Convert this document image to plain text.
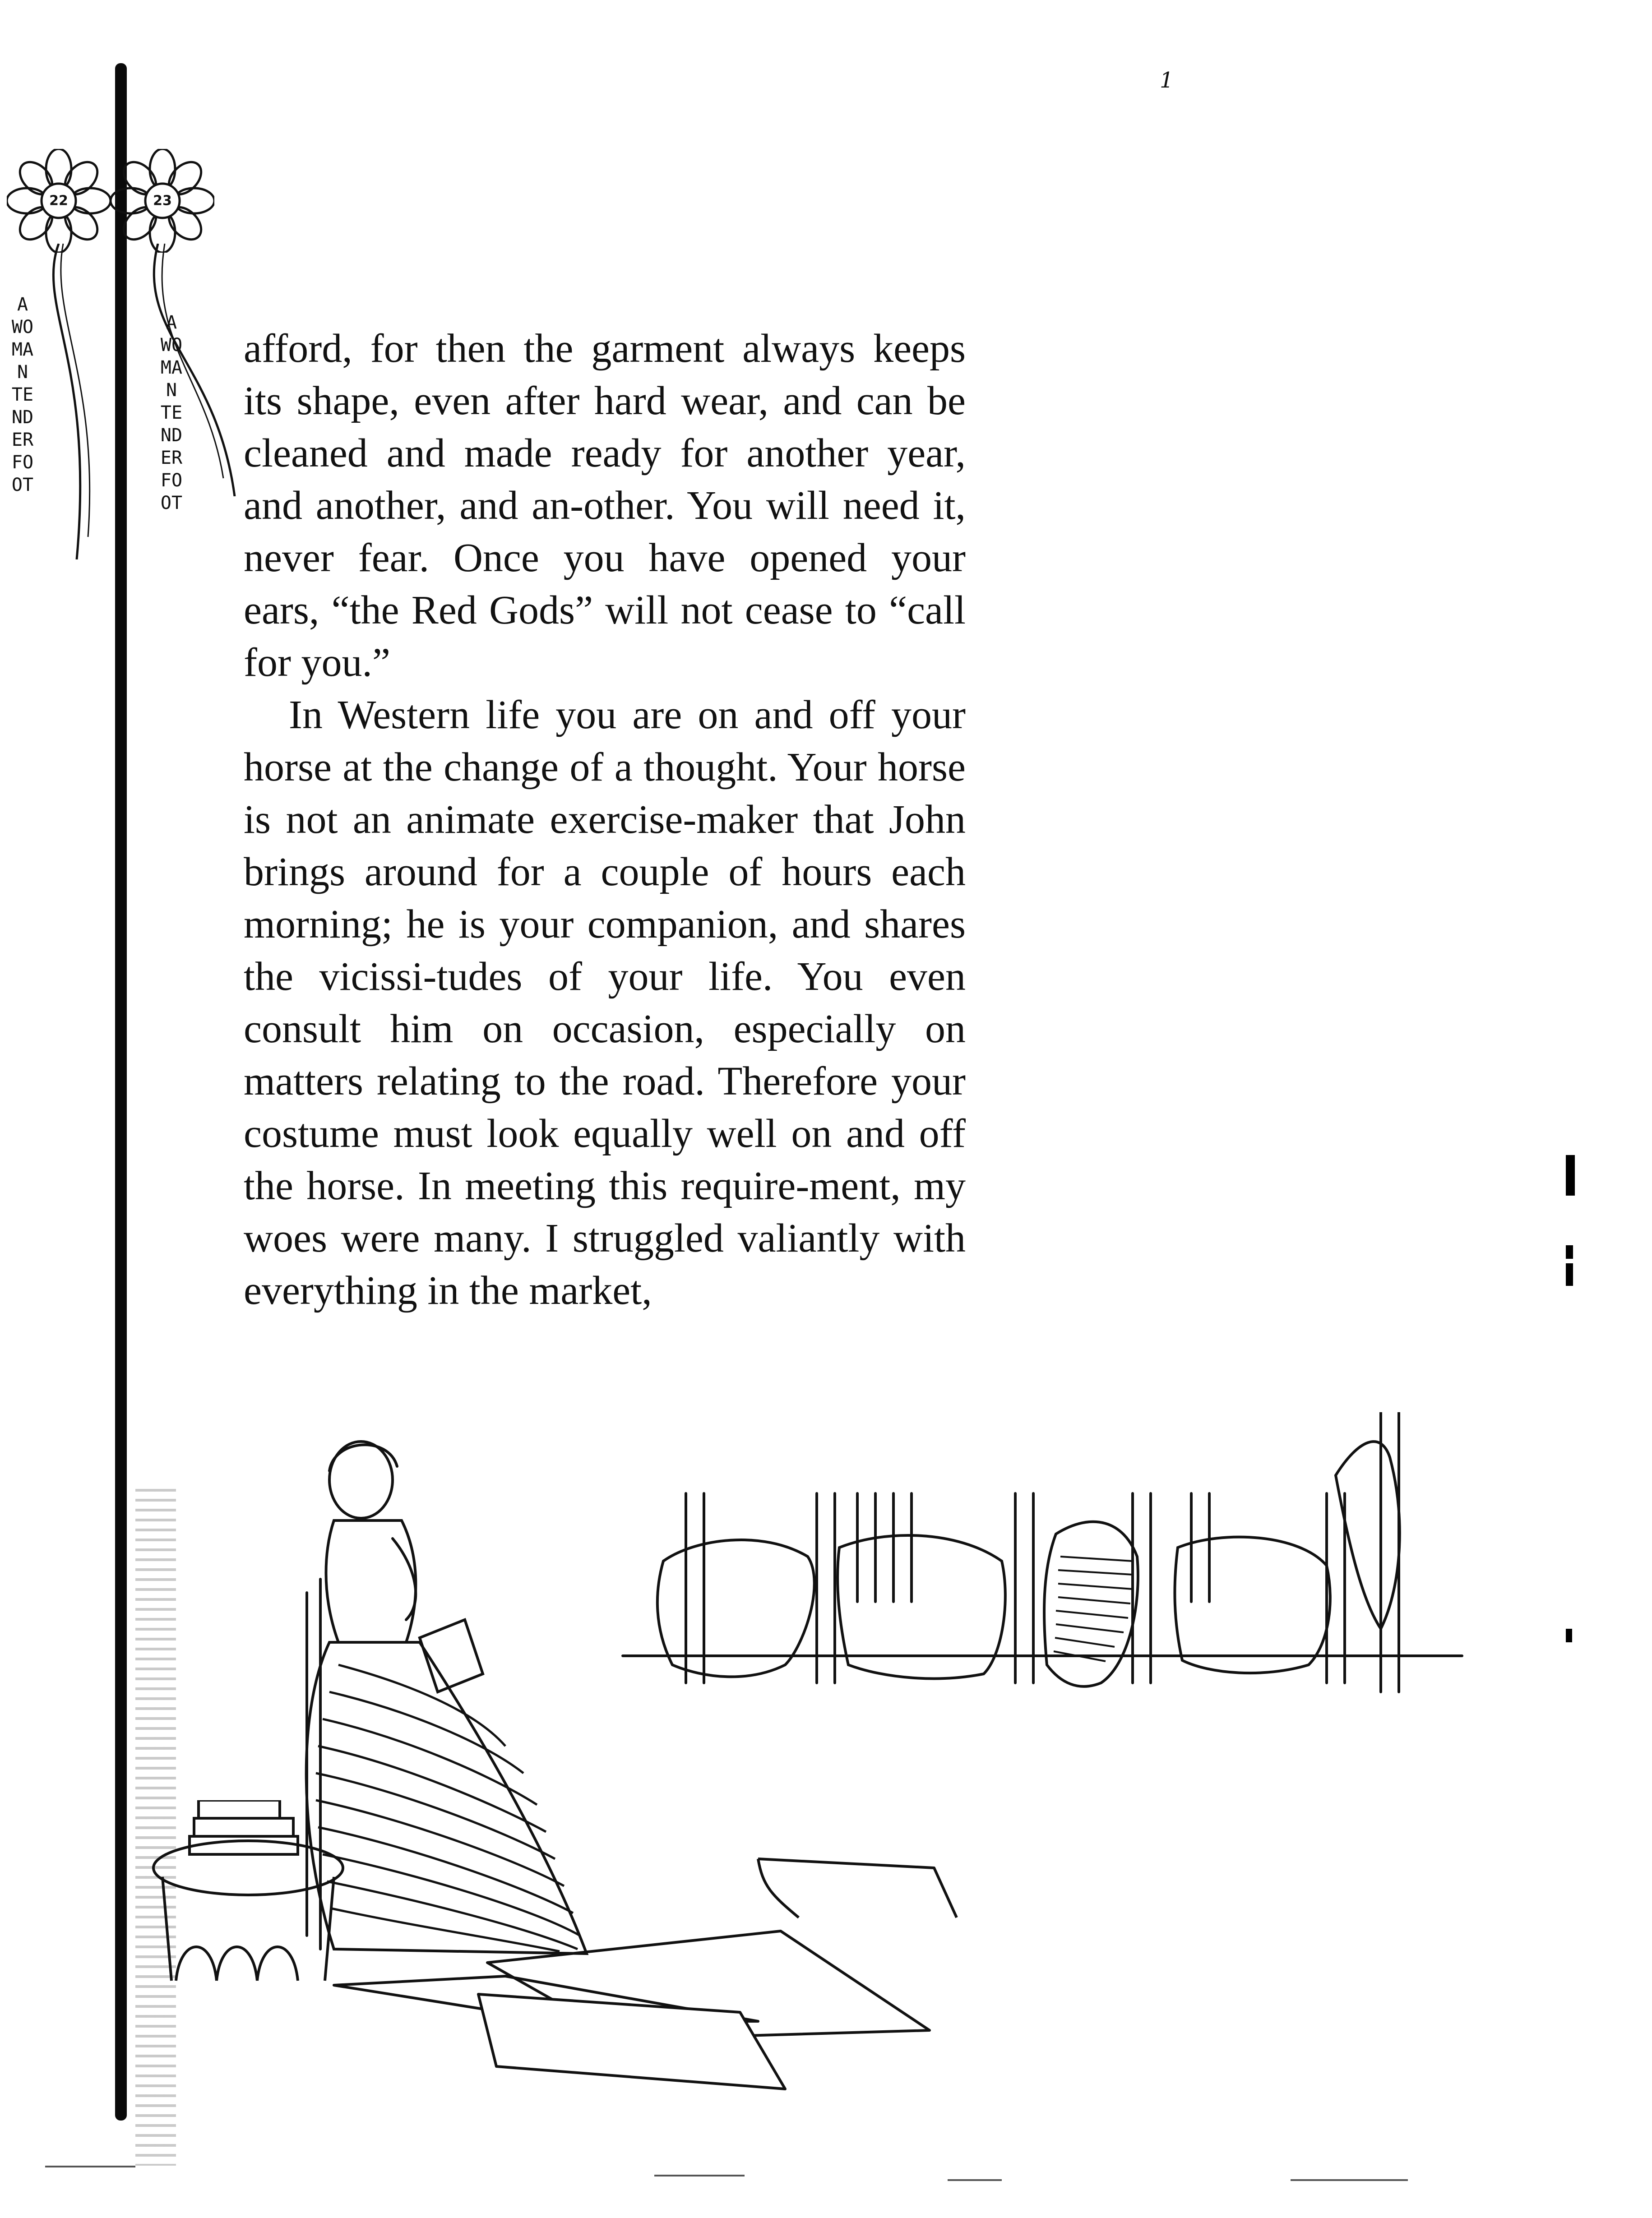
22
A WOMAN TENDERFOOT
23
A WOMAN TENDERFOOT
1

afford, for then the garment always keeps its shape, even after hard wear, and can be cleaned and made ready for another year, and another, and an-other. You will need it, never fear. Once you have opened your ears, “the Red Gods” will not cease to “call for you.”

In Western life you are on and off your horse at the change of a thought. Your horse is not an animate exercise-maker that John brings around for a couple of hours each morning; he is your companion, and shares the vicissi-tudes of your life. You even consult him on occasion, especially on matters relating to the road. Therefore your costume must look equally well on and off the horse. In meeting this require-ment, my woes were many. I struggled valiantly with everything in the market,
